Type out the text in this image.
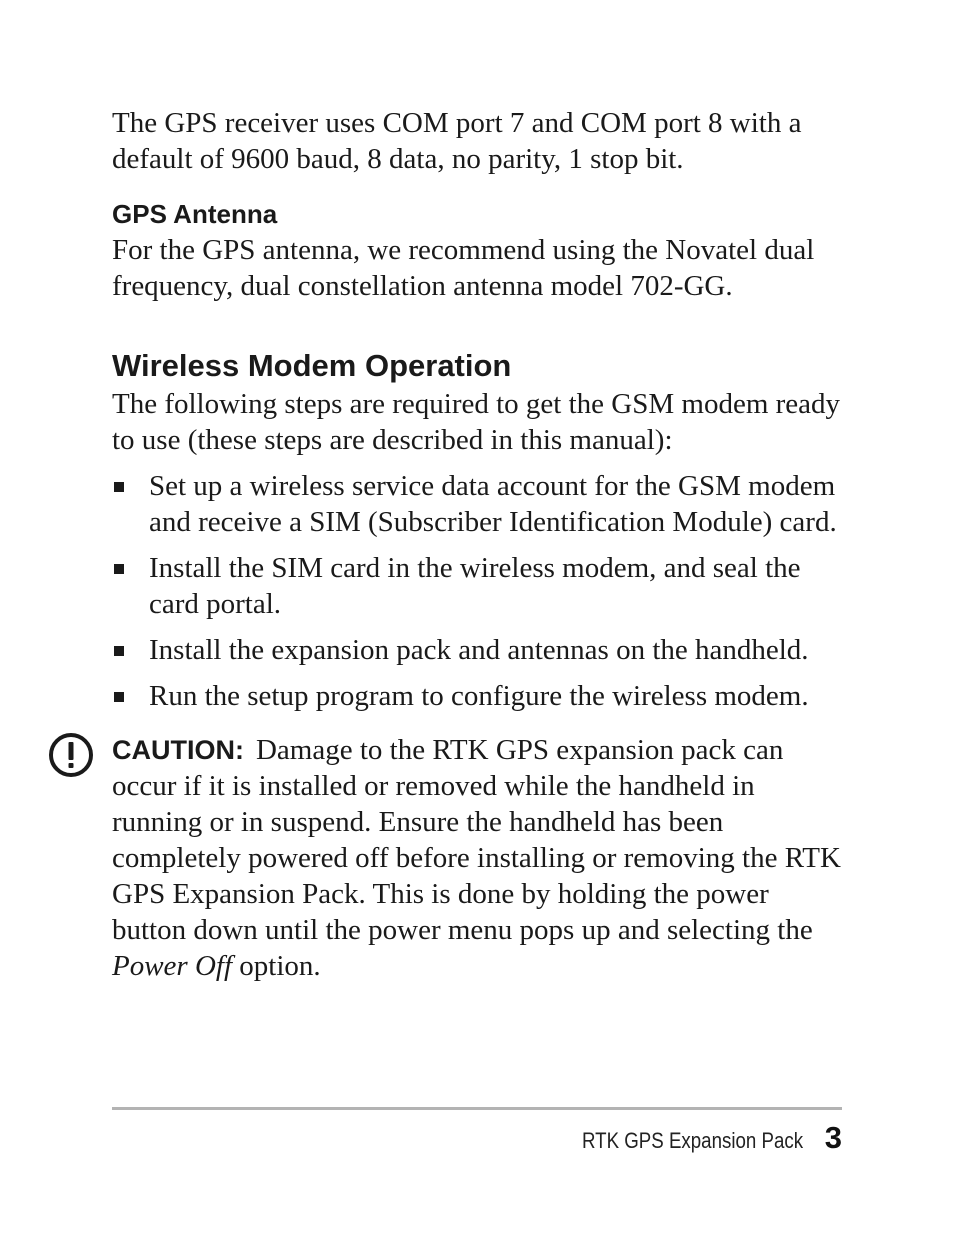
The GPS receiver uses COM port 7 and COM port 8 with a default of 9600 baud, 8 data, no parity, 1 stop bit.

GPS Antenna

For the GPS antenna, we recommend using the Novatel dual frequency, dual constellation antenna model 702-GG.

Wireless Modem Operation

The following steps are required to get the GSM modem ready to use (these steps are described in this manual):

Set up a wireless service data account for the GSM modem and receive a SIM (Subscriber Identification Module) card.
Install the SIM card in the wireless modem, and seal the card portal.
Install the expansion pack and antennas on the handheld.
Run the setup program to configure the wireless modem.

CAUTION: Damage to the RTK GPS expansion pack can occur if it is installed or removed while the handheld in running or in suspend. Ensure the handheld has been completely powered off before installing or removing the RTK GPS Expansion Pack. This is done by holding the power button down until the power menu pops up and selecting the Power Off option.

RTK GPS Expansion Pack 3
